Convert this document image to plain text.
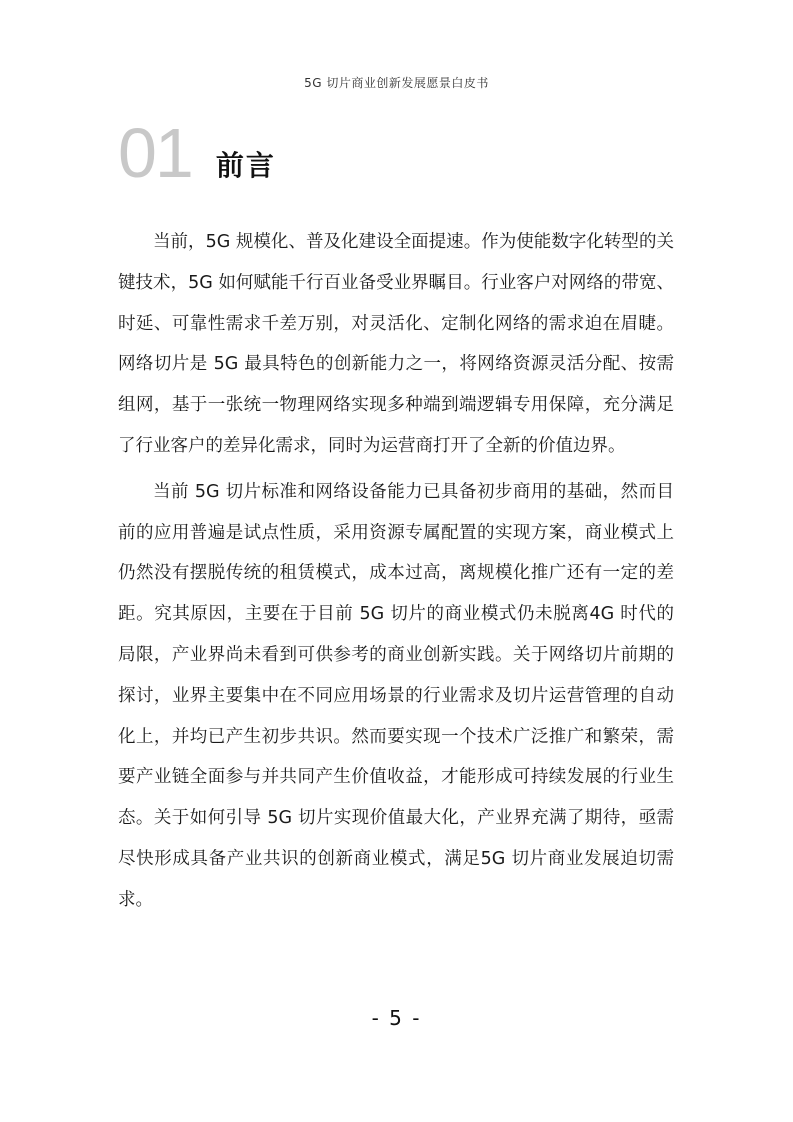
5G 切片商业创新发展愿景白皮书
01 前言

当前，5G 规模化、普及化建设全面提速。作为使能数字化转型的关键技术，5G 如何赋能千行百业备受业界瞩目。行业客户对网络的带宽、时延、可靠性需求千差万别，对灵活化、定制化网络的需求迫在眉睫。网络切片是 5G 最具特色的创新能力之一，将网络资源灵活分配、按需组网，基于一张统一物理网络实现多种端到端逻辑专用保障，充分满足了行业客户的差异化需求，同时为运营商打开了全新的价值边界。

当前 5G 切片标准和网络设备能力已具备初步商用的基础，然而目前的应用普遍是试点性质，采用资源专属配置的实现方案，商业模式上仍然没有摆脱传统的租赁模式，成本过高，离规模化推广还有一定的差距。究其原因，主要在于目前 5G 切片的商业模式仍未脱离4G 时代的局限，产业界尚未看到可供参考的商业创新实践。关于网络切片前期的探讨，业界主要集中在不同应用场景的行业需求及切片运营管理的自动化上，并均已产生初步共识。然而要实现一个技术广泛推广和繁荣，需要产业链全面参与并共同产生价值收益，才能形成可持续发展的行业生态。关于如何引导 5G 切片实现价值最大化，产业界充满了期待，亟需尽快形成具备产业共识的创新商业模式，满足5G 切片商业发展迫切需求。

- 5 -
